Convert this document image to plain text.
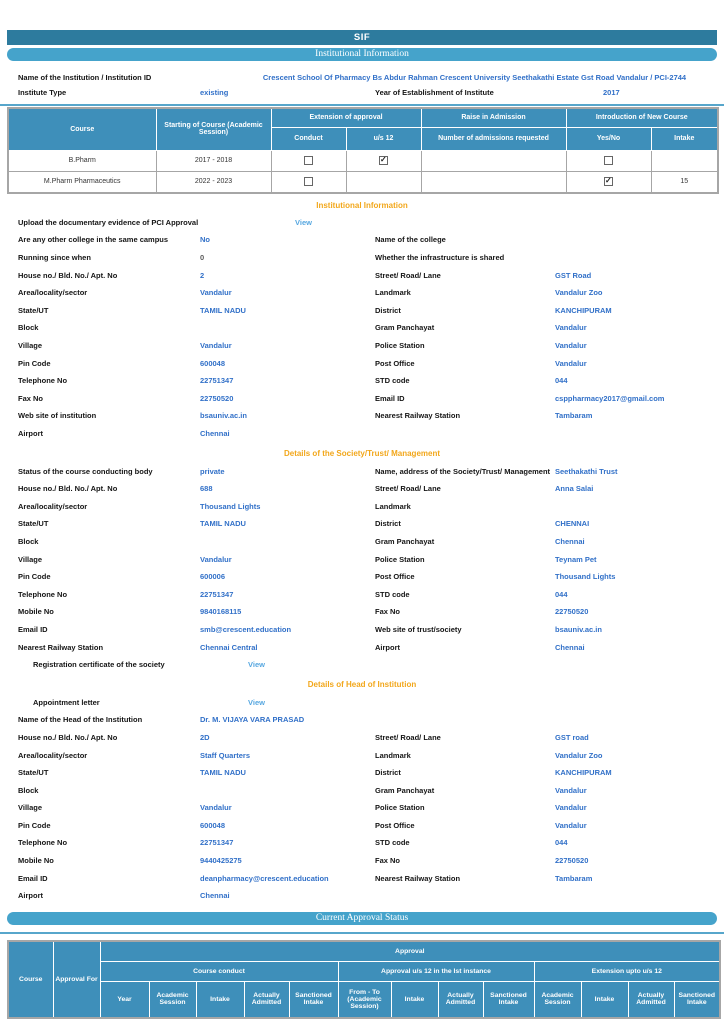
SIF
Institutional Information
Name of the Institution / Institution ID	Crescent School Of Pharmacy Bs Abdur Rahman Crescent University Seethakathi Estate Gst Road Vandalur / PCI-2744
Institute Type	existing	Year of Establishment of Institute	2017
Course	Starting of Course (Academic Session)	Extension of approval		Raise in Admission	Introduction of New Course	
		Conduct	u/s 12	Number of admissions requested	Yes/No	Intake
B.Pharm	2017 - 2018		✓			
M.Pharm Pharmaceutics	2022 - 2023				✓	15
Institutional Information
Upload the documentary evidence of PCI Approval	View
Are any other college in the same campus	No	Name of the college
Running since when	0	Whether the infrastructure is shared
House no./ Bld. No./ Apt. No	2	Street/ Road/ Lane	GST Road
Area/locality/sector	Vandalur	Landmark	Vandalur Zoo
State/UT	TAMIL NADU	District	KANCHIPURAM
Block	Gram Panchayat	Vandalur
Village	Vandalur	Police Station	Vandalur
Pin Code	600048	Post Office	Vandalur
Telephone No	22751347	STD code	044
Fax No	22750520	Email ID	csppharmacy2017@gmail.com
Web site of institution	bsauniv.ac.in	Nearest Railway Station	Tambaram
Airport	Chennai
Details of the Society/Trust/ Management
Status of the course conducting body	private	Name, address of the Society/Trust/ Management Seethakathi Trust
House no./ Bld. No./ Apt. No	688	Street/ Road/ Lane	Anna Salai
Area/locality/sector	Thousand Lights	Landmark
State/UT	TAMIL NADU	District	CHENNAI
Block	Gram Panchayat	Chennai
Village	Vandalur	Police Station	Teynam Pet
Pin Code	600006	Post Office	Thousand Lights
Telephone No	22751347	STD code	044
Mobile No	9840168115	Fax No	22750520
Email ID	smb@crescent.education	Web site of trust/society	bsauniv.ac.in
Nearest Railway Station	Chennai Central	Airport	Chennai
Registration certificate of the society	View
Details of Head of Institution
Appointment letter	View
Name of the Head of the Institution	Dr. M. VIJAYA VARA PRASAD
House no./ Bld. No./ Apt. No	2D	Street/ Road/ Lane	GST road
Area/locality/sector	Staff Quarters	Landmark	Vandalur Zoo
State/UT	TAMIL NADU	District	KANCHIPURAM
Block	Gram Panchayat	Vandalur
Village	Vandalur	Police Station	Vandalur
Pin Code	600048	Post Office	Vandalur
Telephone No	22751347	STD code	044
Mobile No	9440425275	Fax No	22750520
Email ID	deanpharmacy@crescent.education	Nearest Railway Station	Tambaram
Airport	Chennai
Current Approval Status
Course	Approval For	Approval												
		Course conduct					Approval u/s 12 in the Ist instance				Extension upto u/s 12			
		Year	Academic Session	Intake	Actually Admitted	Sanctioned Intake	From - To (Academic Session)	Intake	Actually Admitted	Sanctioned Intake	Academic Session	Intake	Actually Admitted	Sanctioned Intake
